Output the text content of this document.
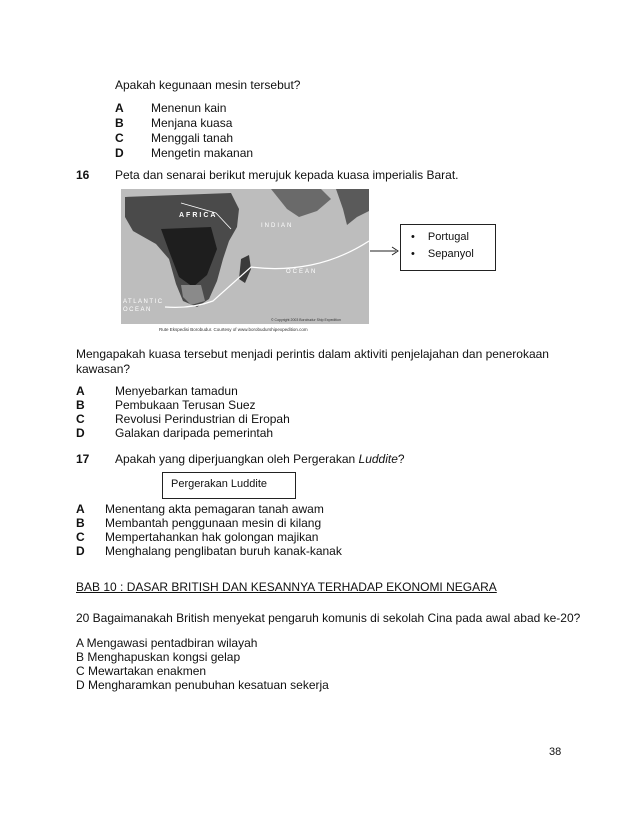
Apakah kegunaan mesin tersebut?
A Menenun kain
B Menjana kuasa
C Menggali tanah
D Mengetin makanan
16 Peta dan senarai berikut merujuk kepada kuasa imperialis Barat.
AFRICA
INDIAN
OCEAN
ATLANTIC
OCEAN
© Copyright 2003 Borobudur Ship Expedition
Rute Ekspedisi Borobudur. Courtesy of www.borobudurshipexpedition.com
• Portugal
• Sepanyol
Mengapakah kuasa tersebut menjadi perintis dalam aktiviti penjelajahan dan penerokaan kawasan?
A	Menyebarkan tamadun
B	Pembukaan Terusan Suez
C	Revolusi Perindustrian di Eropah
D	Galakan daripada pemerintah
17 Apakah yang diperjuangkan oleh Pergerakan Luddite?
Pergerakan Luddite
A Menentang akta pemagaran tanah awam
B Membantah penggunaan mesin di kilang
C Mempertahankan hak golongan majikan
D Menghalang penglibatan buruh kanak-kanak
BAB 10 : DASAR BRITISH DAN KESANNYA TERHADAP EKONOMI NEGARA
20 Bagaimanakah British menyekat pengaruh komunis di sekolah Cina pada awal abad ke-20?
A Mengawasi pentadbiran wilayah
B Menghapuskan kongsi gelap
C Mewartakan enakmen
D Mengharamkan penubuhan kesatuan sekerja
38
